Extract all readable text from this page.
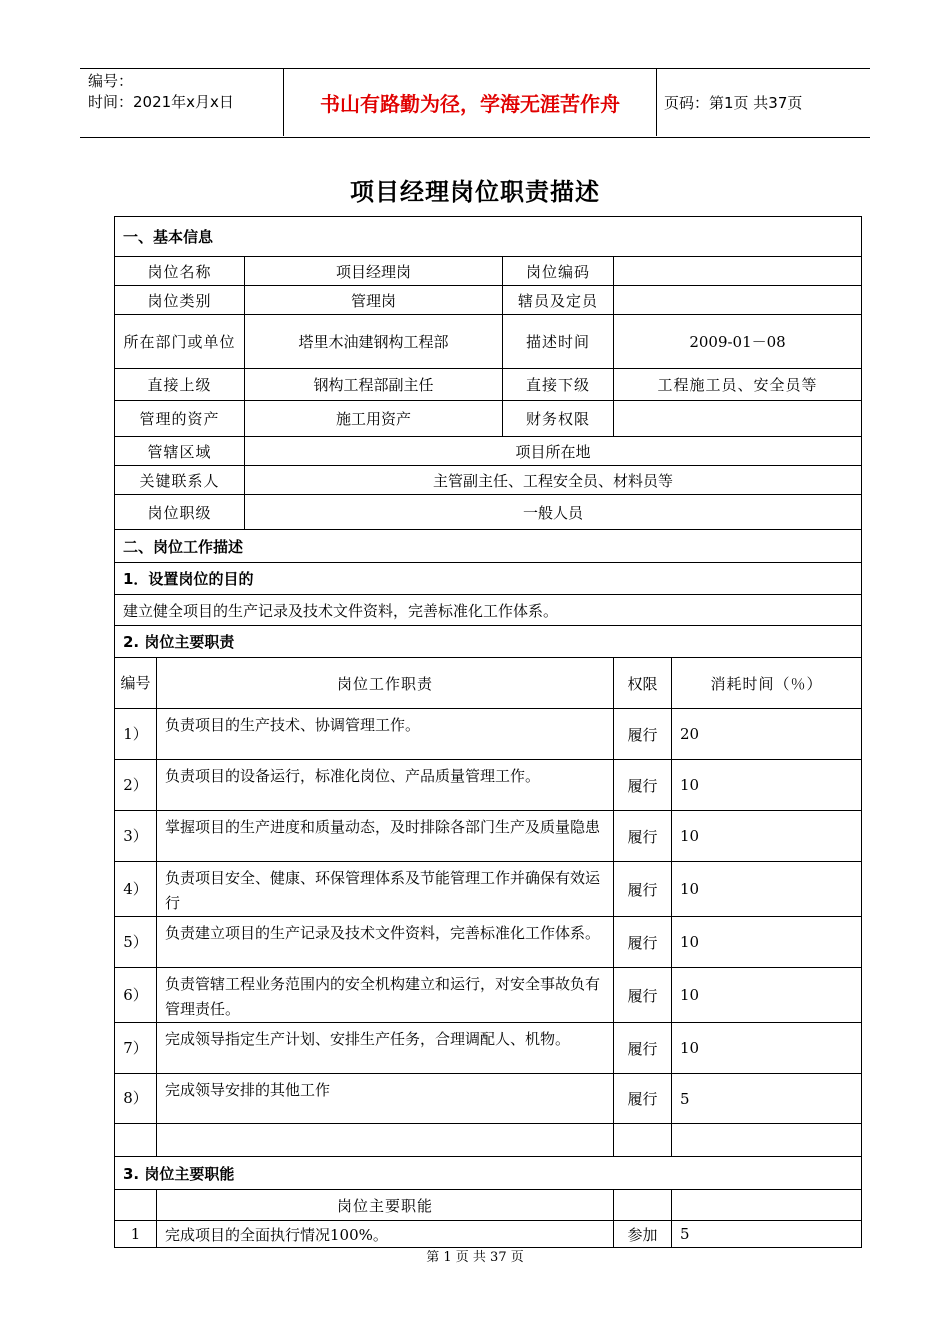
编号：
时间：2021年x月x日	书山有路勤为径，学海无涯苦作舟	页码：第1页 共37页
项目经理岗位职责描述
一、基本信息					
岗位名称		项目经理岗	岗位编码		
岗位类别		管理岗	辖员及定员		
所在部门或单位		塔里木油建钢构工程部	描述时间	2009-01－08	
直接上级		钢构工程部副主任	直接下级	工程施工员、安全员等	
管理的资产		施工用资产	财务权限		
管辖区域		项目所在地			
关键联系人		主管副主任、工程安全员、材料员等			
岗位职级		一般人员			
二、岗位工作描述					
1．设置岗位的目的					
建立健全项目的生产记录及技术文件资料，完善标准化工作体系。					
2. 岗位主要职责					
编号	岗位工作职责			权限	消耗时间（％）
1）	负责项目的生产技术、协调管理工作。			履行	20
2）	负责项目的设备运行，标准化岗位、产品质量管理工作。			履行	10
3）	掌握项目的生产进度和质量动态，及时排除各部门生产及质量隐患			履行	10
4）	负责项目安全、健康、环保管理体系及节能管理工作并确保有效运行			履行	10
5）	负责建立项目的生产记录及技术文件资料，完善标准化工作体系。			履行	10
6）	负责管辖工程业务范围内的安全机构建立和运行，对安全事故负有管理责任。			履行	10
7）	完成领导指定生产计划、安排生产任务，合理调配人、机物。			履行	10
8）	完成领导安排的其他工作			履行	5

3. 岗位主要职能					
	岗位主要职能				
1	完成项目的全面执行情况100%。			参加	5
第 1 页 共 37 页
